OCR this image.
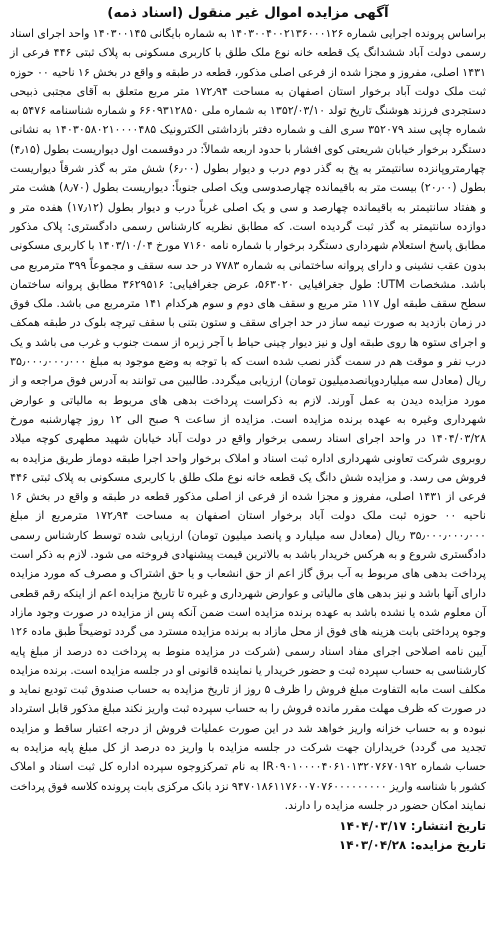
آگهی مزایده اموال غیر منقول (اسناد ذمه)

براساس پرونده اجرایی شماره ۱۴۰۳۰۰۴۰۰۲۱۳۶۰۰۰۱۲۶ به شماره بایگانی ۱۴۰۳۰۰۱۴۵ واحد اجرای اسناد رسمی دولت آباد ششدانگ یک قطعه خانه نوع ملک طلق با کاربری مسکونی به پلاک ثبتی ۴۴۶ فرعی از ۱۴۳۱ اصلی، مفروز و مجزا شده از فرعی اصلی مذکور، قطعه در طبقه و واقع در بخش ۱۶ ناحیه ۰۰ حوزه ثبت ملک دولت آباد برخوار استان اصفهان به مساحت ۱۷۲٫۹۴ متر مربع متعلق به آقای مجتبی ذبیحی دستجردی فرزند هوشنگ تاریخ تولد ۱۳۵۲/۰۳/۱۰ به شماره ملی ۶۶۰۹۳۱۲۸۵۰ و شماره شناسنامه ۵۴۷۶ به شماره چاپی سند ۳۵۲۰۷۹ سری الف و شماره دفتر بازداشتی الکترونیک ۱۴۰۳۰۵۸۰۲۱۰۰۰۰۴۸۵ به نشانی دستگرد برخوار خیابان شریعتی کوی افشار با حدود اربعه شمالاً: در دوقسمت اول دیواریست بطول (۴٫۱۵) چهارمتروپانزده سانتیمتر به پخ به گذر دوم درب و دیوار بطول (۶٫۰۰) شش متر به گذر شرقاً دیواریست بطول (۲۰٫۰۰) بیست متر به باقیمانده چهارصدوسی ویک اصلی جنوباً: دیواریست بطول (۸٫۷۰) هشت متر و هفتاد سانتیمتر به باقیمانده چهارصد و سی و یک اصلی غرباً درب و دیوار بطول (۱۷٫۱۲) هفده متر و دوازده سانتیمتر به گذر ثبت گردیده است. که مطابق نظریه کارشناس رسمی دادگستری: پلاک مذکور مطابق پاسخ استعلام شهرداری دستگرد برخوار با شماره نامه ۷۱۶۰ مورخ ۱۴۰۳/۱۰/۰۴ با کاربری مسکونی بدون عقب نشینی و دارای پروانه ساختمانی به شماره ۷۷۸۳ در حد سه سقف و مجموعاً ۳۹۹ مترمربع می باشد. مشخصات UTM: طول جغرافیایی ۵۶۳۰۲۰، عرض جغرافیایی: ۳۶۲۹۵۱۶ مطابق پروانه ساختمان سطح سقف طبقه اول ۱۱۷ متر مربع و سقف های دوم و سوم هرکدام ۱۴۱ مترمربع می باشد. ملک فوق در زمان بازدید به صورت نیمه ساز در حد اجرای سقف و ستون بتنی با سقف تیرچه بلوک در طبقه همکف و اجرای ستوه ها روی طبقه اول و نیز دیوار چینی حیاط با آجر زبره از سمت جنوب و غرب می باشد و یک درب نفر و موقت هم در سمت گذر نصب شده است که با توجه به وضع موجود به مبلغ ۳۵٫۰۰۰٫۰۰۰٫۰۰۰ ریال (معادل سه میلیاردوپانصدمیلیون تومان) ارزیابی میگردد. طالبین می توانند به آدرس فوق مراجعه و از مورد مزایده دیدن به عمل آورند. لازم به ذکراست پرداخت بدهی های مربوط به مالیاتی و عوارض شهرداری وغیره به عهده برنده مزایده است. مزایده از ساعت ۹ صبح الی ۱۲ روز چهارشنبه مورخ ۱۴۰۴/۰۳/۲۸ در واحد اجرای اسناد رسمی برخوار واقع در دولت آباد خیابان شهید مطهری کوچه میلاد روبروی شرکت تعاونی شهرداری اداره ثبت اسناد و املاک برخوار واحد اجرا طبقه دوماز طریق مزایده به فروش می رسد. و مزایده شش دانگ یک قطعه خانه نوع ملک طلق با کاربری مسکونی به پلاک ثبتی ۴۴۶ فرعی از ۱۴۳۱ اصلی، مفروز و مجزا شده از فرعی از اصلی مذکور قطعه در طبقه و واقع در بخش ۱۶ ناحیه ۰۰ حوزه ثبت ملک دولت آباد برخوار استان اصفهان به مساحت ۱۷۲٫۹۴ مترمربع از مبلغ ۳۵٫۰۰۰٫۰۰۰٫۰۰۰ ریال (معادل سه میلیارد و پانصد میلیون تومان) ارزیابی شده توسط کارشناس رسمی دادگستری شروع و به هرکس خریدار باشد به بالاترین قیمت پیشنهادی فروخته می شود. لازم به ذکر است پرداخت بدهی های مربوط به آب برق گاز اعم از حق انشعاب و یا حق اشتراک و مصرف که مورد مزایده دارای آنها باشد و نیز بدهی های مالیاتی و عوارض شهرداری و غیره تا تاریخ مزایده اعم از اینکه رقم قطعی آن معلوم شده یا نشده باشد به عهده برنده مزایده است ضمن آنکه پس از مزایده در صورت وجود مازاد وجوه پرداختی بابت هزینه های فوق از محل مازاد به برنده مزایده مسترد می گردد توضیحاً طبق ماده ۱۲۶ آیین نامه اصلاحی اجرای مفاد اسناد رسمی (شرکت در مزایده منوط به پرداخت ده درصد از مبلغ پایه کارشناسی به حساب سپرده ثبت و حضور خریدار یا نماینده قانونی او در جلسه مزایده است. برنده مزایده مکلف است مابه التفاوت مبلغ فروش را ظرف ۵ روز از تاریخ مزایده به حساب صندوق ثبت تودیع نماید و در صورت که ظرف مهلت مقرر مانده فروش را به حساب سپرده ثبت واریز نکند مبلغ مذکور قابل استرداد نبوده و به حساب خزانه واریز خواهد شد در این صورت عملیات فروش از درجه اعتبار ساقط و مزایده تجدید می گردد) خریداران جهت شرکت در جلسه مزایده با واریز ده درصد از کل مبلغ پایه مزایده به حساب شماره IR۰۹۰۱۰۰۰۰۴۰۶۱۰۱۳۲۰۷۶۷۰۱۹۲ به نام تمرکزوجوه سپرده اداره کل ثبت اسناد و املاک کشور با شناسه واریز ۹۴۷۰۱۸۶۱۱۷۶۰۰۷۰۷۶۰۰۰۰۰۰۰۰۰ نزد بانک مرکزی بابت پرونده کلاسه فوق پرداخت نمایند امکان حضور در جلسه مزایده را دارند.

تاریخ انتشار: ۱۴۰۴/۰۳/۱۷
تاریخ مزایده: ۱۴۰۳/۰۴/۲۸
